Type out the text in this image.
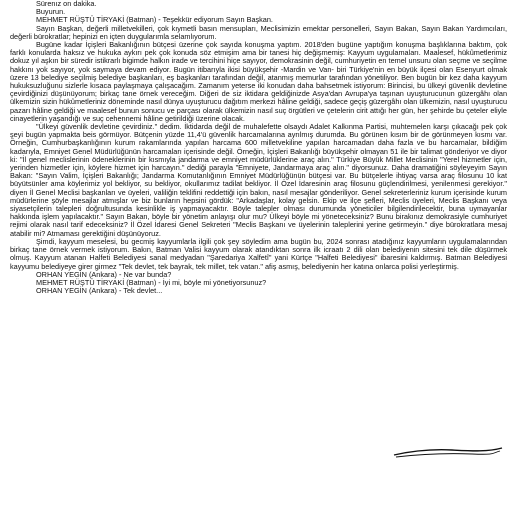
Sürenız on dakika.

Buyurun.

MEHMET RÜŞTÜ TİRYAKİ (Batman) - Teşekkür ediyorum Sayın Başkan.

Sayın Başkan, değerli milletvekilleri, çok kıymetli basın mensupları, Meclisimizin emektar personelleri, Sayın Bakan, Sayın Bakan Yardımcıları, değerli bürokratlar; hepinizi en içten duygularımla selamlıyorum.

Bugüne kadar İçişleri Bakanlığının bütçesi üzerine çok sayıda konuşma yaptım. 2018'den bugüne yaptığım konuşma başlıklarına baktım, çok farklı konularda haksız ve hukuka aykırı pek çok konuda söz etmişim ama bir tanesi hiç değişmemiş: Kayyum uygulamaları. Maalesef, hükûmetlerimiz dokuz yıl aşkın bir süredir istikrarlı bigimde halkın irade ve tercihini hiçe sayıyor, demokrasinin değil, cumhuriyetin en temel unsuru olan seçme ve seçilme hakkını yok sayıyor, yok saymaya devam ediyor. Bugün itibarıyla ikisi büyükşehir -Mardin ve Van- biri Türkiye'nin en büyük ilçesi olan Esenyurt olmak üzere 13 belediye seçilmiş belediye başkanları, eş başkanları tarafından değil, atanmış memurlar tarafından yönetiliyor. Ben bugün bir kez daha kayyum hukuksuzluğunu sizlerle kısaca paylaşmaya çalışacağım. Zamanım yeterse iki konudan daha bahsetmek istiyorum: Birincisi, bu ülkeyi güvenlik devletine çevirdiğinizi düşünüyorum; birkaç tane örnek vereceğim. Diğeri de siz iktidara geldiğinizde Asya'dan Avrupa'ya taşınan uyuşturucunun güzergâhı olan ülkemizin sizin hükûmetleriniz döneminde nasıl dünya uyuşturucu dağıtım merkezi hâline geldiği, sadece geçiş güzergâhı olan ülkemizin, nasıl uyuşturucu pazarı hâline geldiği ve maalesef bunun sonucu ve parçası olarak ülkemizin nasıl suç örgütleri ve çetelerin cirit attığı her gün, her şehirde bu çeteler eliyle cinayetlerin yaşandığı ve suç cehennemi hâline getirildiği üzerine olacak.

"Ülkeyi güvenlik devletine çevirdiniz." dedim. İktidarda değil de muhalefette olsaydı Adalet Kalkınma Partisi, muhtemelen karşı çıkacağı pek çok şeyi bugün yapmakta beis görmüyor. Bütçenin yüzde 11,4'ü güvenlik harcamalarına ayrılmış durumda. Bu görünen kısım bir de görünmeyen kısmı var. Örneğin, Cumhurbaşkanlığının kurum rakamlarında yapılan harcama 600 milletvekiline yapılan harcamadan daha fazla ve bu harcamalar, bildiğim kadarıyla, Emniyet Genel Müdürlüğünün harcamaları içerisinde değil. Örneğin, İçişleri Bakanlığı büyükşehir olmayan 51 ile bir talimat gönderiyor ve diyor ki: "İl genel meclislerinin ödeneklerinin bir kısmıyla jandarma ve emniyet müdürlüklerine araç alın." Türkiye Büyük Millet Meclisinin "Yerel hizmetler için, yerinden hizmetler için, köylere hizmet için harcayın." dediği parayla "Emniyete, Jandarmaya araç alın." diyorsunuz. Daha dramatiğini söyleyeyim Sayın Bakan: "Sayın Valim, İçişleri Bakanlığı; Jandarma Komutanlığının Emniyet Müdürlüğünün bütçesi var. Bu bütçelerle ihtiyaç varsa araç filosunu 10 kat büyütsünler ama köylerimiz yol bekliyor, su bekliyor, okullarımız tadilat bekliyor. İl Özel İdaresinin araç filosunu güçlendirilmesi, yenilenmesi gerekiyor." diyen İl Genel Meclisi başkanları ve üyeleri, valiliğin teklifini reddettiği için bakın, nasıl mesajlar gönderiliyor. Genel sekreterleriniz kurum içerisinde kurum müdürlerine şöyle mesajlar atmışlar ve biz bunların hepsini gördük: "Arkadaşlar, kolay gelsin. Ekip ve ilçe şefleri, Meclis üyeleri, Meclis Başkanı veya siyasetçilerin talepleri doğrultusunda kesinlikle iş yapmayacaktır. Böyle talepler olması durumunda yöneticiler bilgilendirilecektir, buna uymayanlar hakkında işlem yapılacaktır." Sayın Bakan, böyle bir yönetim anlayışı olur mu? Ülkeyi böyle mi yöneteceksiniz? Bunu birakınız demokrasiyle cumhuriyet rejimi olarak nasıl tarif edeceksiniz? İl Özel İdaresi Genel Sekreteri "Meclis Başkanı ve üyelerinin taleplerini yerine getirmeyin." diye bürokratlara mesaj atabilir mi? Atmaması gerektiğini düşünüyoruz.

Şimdi, kayyum meselesi, bu gecmiş kayyumlarla ilgili çok şey söyledim ama bugün bu, 2024 sonrası atadığınız kayyumların uygulamalarından birkaç tane örnek vermek istiyorum. Bakın, Batman Valisi kayyum olarak atandıktan sonra ilk icraatı 2 dili olan belediyenin sitesini tek dile düşürmek olmuş. Kayyum atanan Halfeti Belediyesi sanal medyadan "Şaredariya Xalfetî" yani Kürtçe "Halfeti Belediyesi" ibaresini kaldırmış. Batman Belediyesi kayyumu belediyeye girer girmez "Tek devlet, tek bayrak, tek millet, tek vatan." afiş asmış, belediyenin her katına onlarca polisi yerleştirmiş.

ORHAN YEGİN (Ankara) - Ne var bunda?

MEHMET RÜŞTÜ TİRYAKİ (Batman) - İyi mi, böyle mi yönetiyorsunuz?

ORHAN YEGİN (Ankara) - Tek devlet...
